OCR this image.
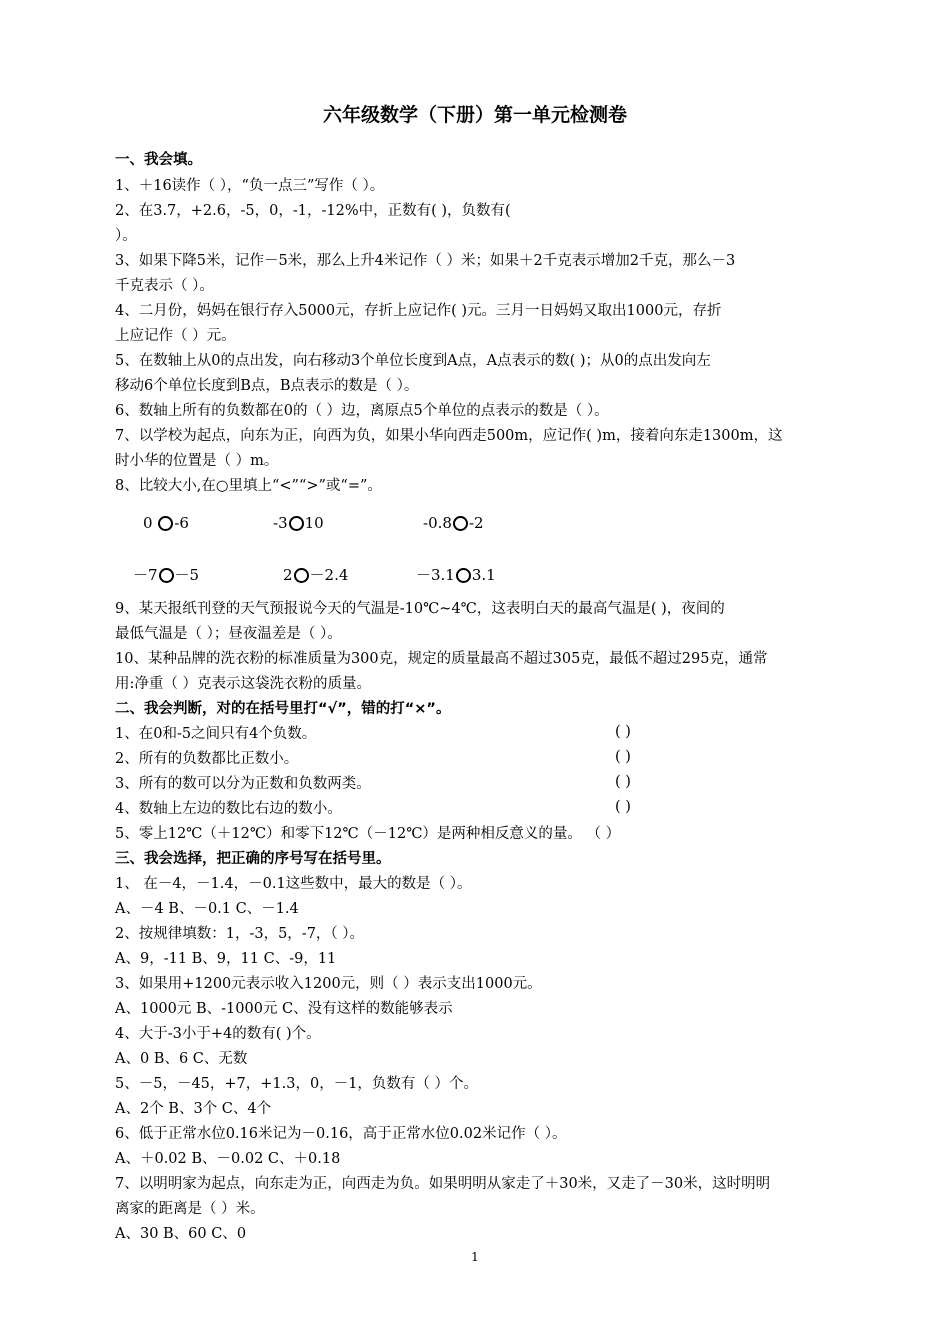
六年级数学（下册）第一单元检测卷
一、我会填。
1、＋16读作（ ），“负一点三”写作（ ）。
2、在3.7，+2.6，-5，0，-1，-12%中，正数有( )，负数有(
）。
3、如果下降5米，记作－5米，那么上升4米记作（ ）米；如果＋2千克表示增加2千克，那么－3
千克表示（ ）。
4、二月份，妈妈在银行存入5000元，存折上应记作( )元。三月一日妈妈又取出1000元，存折
上应记作（ ）元。
5、在数轴上从0的点出发，向右移动3个单位长度到A点，A点表示的数( )；从0的点出发向左
移动6个单位长度到B点，B点表示的数是（ ）。
6、数轴上所有的负数都在0的（ ）边，离原点5个单位的点表示的数是（ ）。
7、以学校为起点，向东为正，向西为负，如果小华向西走500m，应记作( )m，接着向东走1300m，这
时小华的位置是（ ）m。
8、比较大小,在○里填上“<”“>”或“=”。
0 -6	-3 10	-0.8 -2
－7 －5	2 －2.4	－3.1 3.1
9、某天报纸刊登的天气预报说今天的气温是-10℃~4℃，这表明白天的最高气温是( )，夜间的
最低气温是（ ）；昼夜温差是（ ）。
10、某种品牌的洗衣粉的标准质量为300克，规定的质量最高不超过305克，最低不超过295克，通常
用:净重（ ）克表示这袋洗衣粉的质量。
二、我会判断，对的在括号里打“√”，错的打“×”。
1、在0和-5之间只有4个负数。	( )
2、所有的负数都比正数小。	( )
3、所有的数可以分为正数和负数两类。	( )
4、数轴上左边的数比右边的数小。	( )
5、零上12℃（＋12℃）和零下12℃（－12℃）是两种相反意义的量。 （ ）
三、我会选择，把正确的序号写在括号里。
1、 在－4，－1.4，－0.1这些数中，最大的数是（ ）。
A、－4 B、－0.1 C、－1.4
2、按规律填数：1，-3，5，-7，（ ）。
A、9，-11 B、9，11 C、-9，11
3、如果用+1200元表示收入1200元，则（ ）表示支出1000元。
A、1000元 B、-1000元 C、没有这样的数能够表示
4、大于-3小于+4的数有( )个。
A、0 B、6 C、无数
5、－5，－45，+7，+1.3，0，－1，负数有（ ）个。
A、2个 B、3个 C、4个
6、低于正常水位0.16米记为－0.16，高于正常水位0.02米记作（ ）。
A、＋0.02 B、－0.02 C、＋0.18
7、以明明家为起点，向东走为正，向西走为负。如果明明从家走了＋30米，又走了－30米，这时明明
离家的距离是（ ）米。
A、30 B、60 C、0
1
